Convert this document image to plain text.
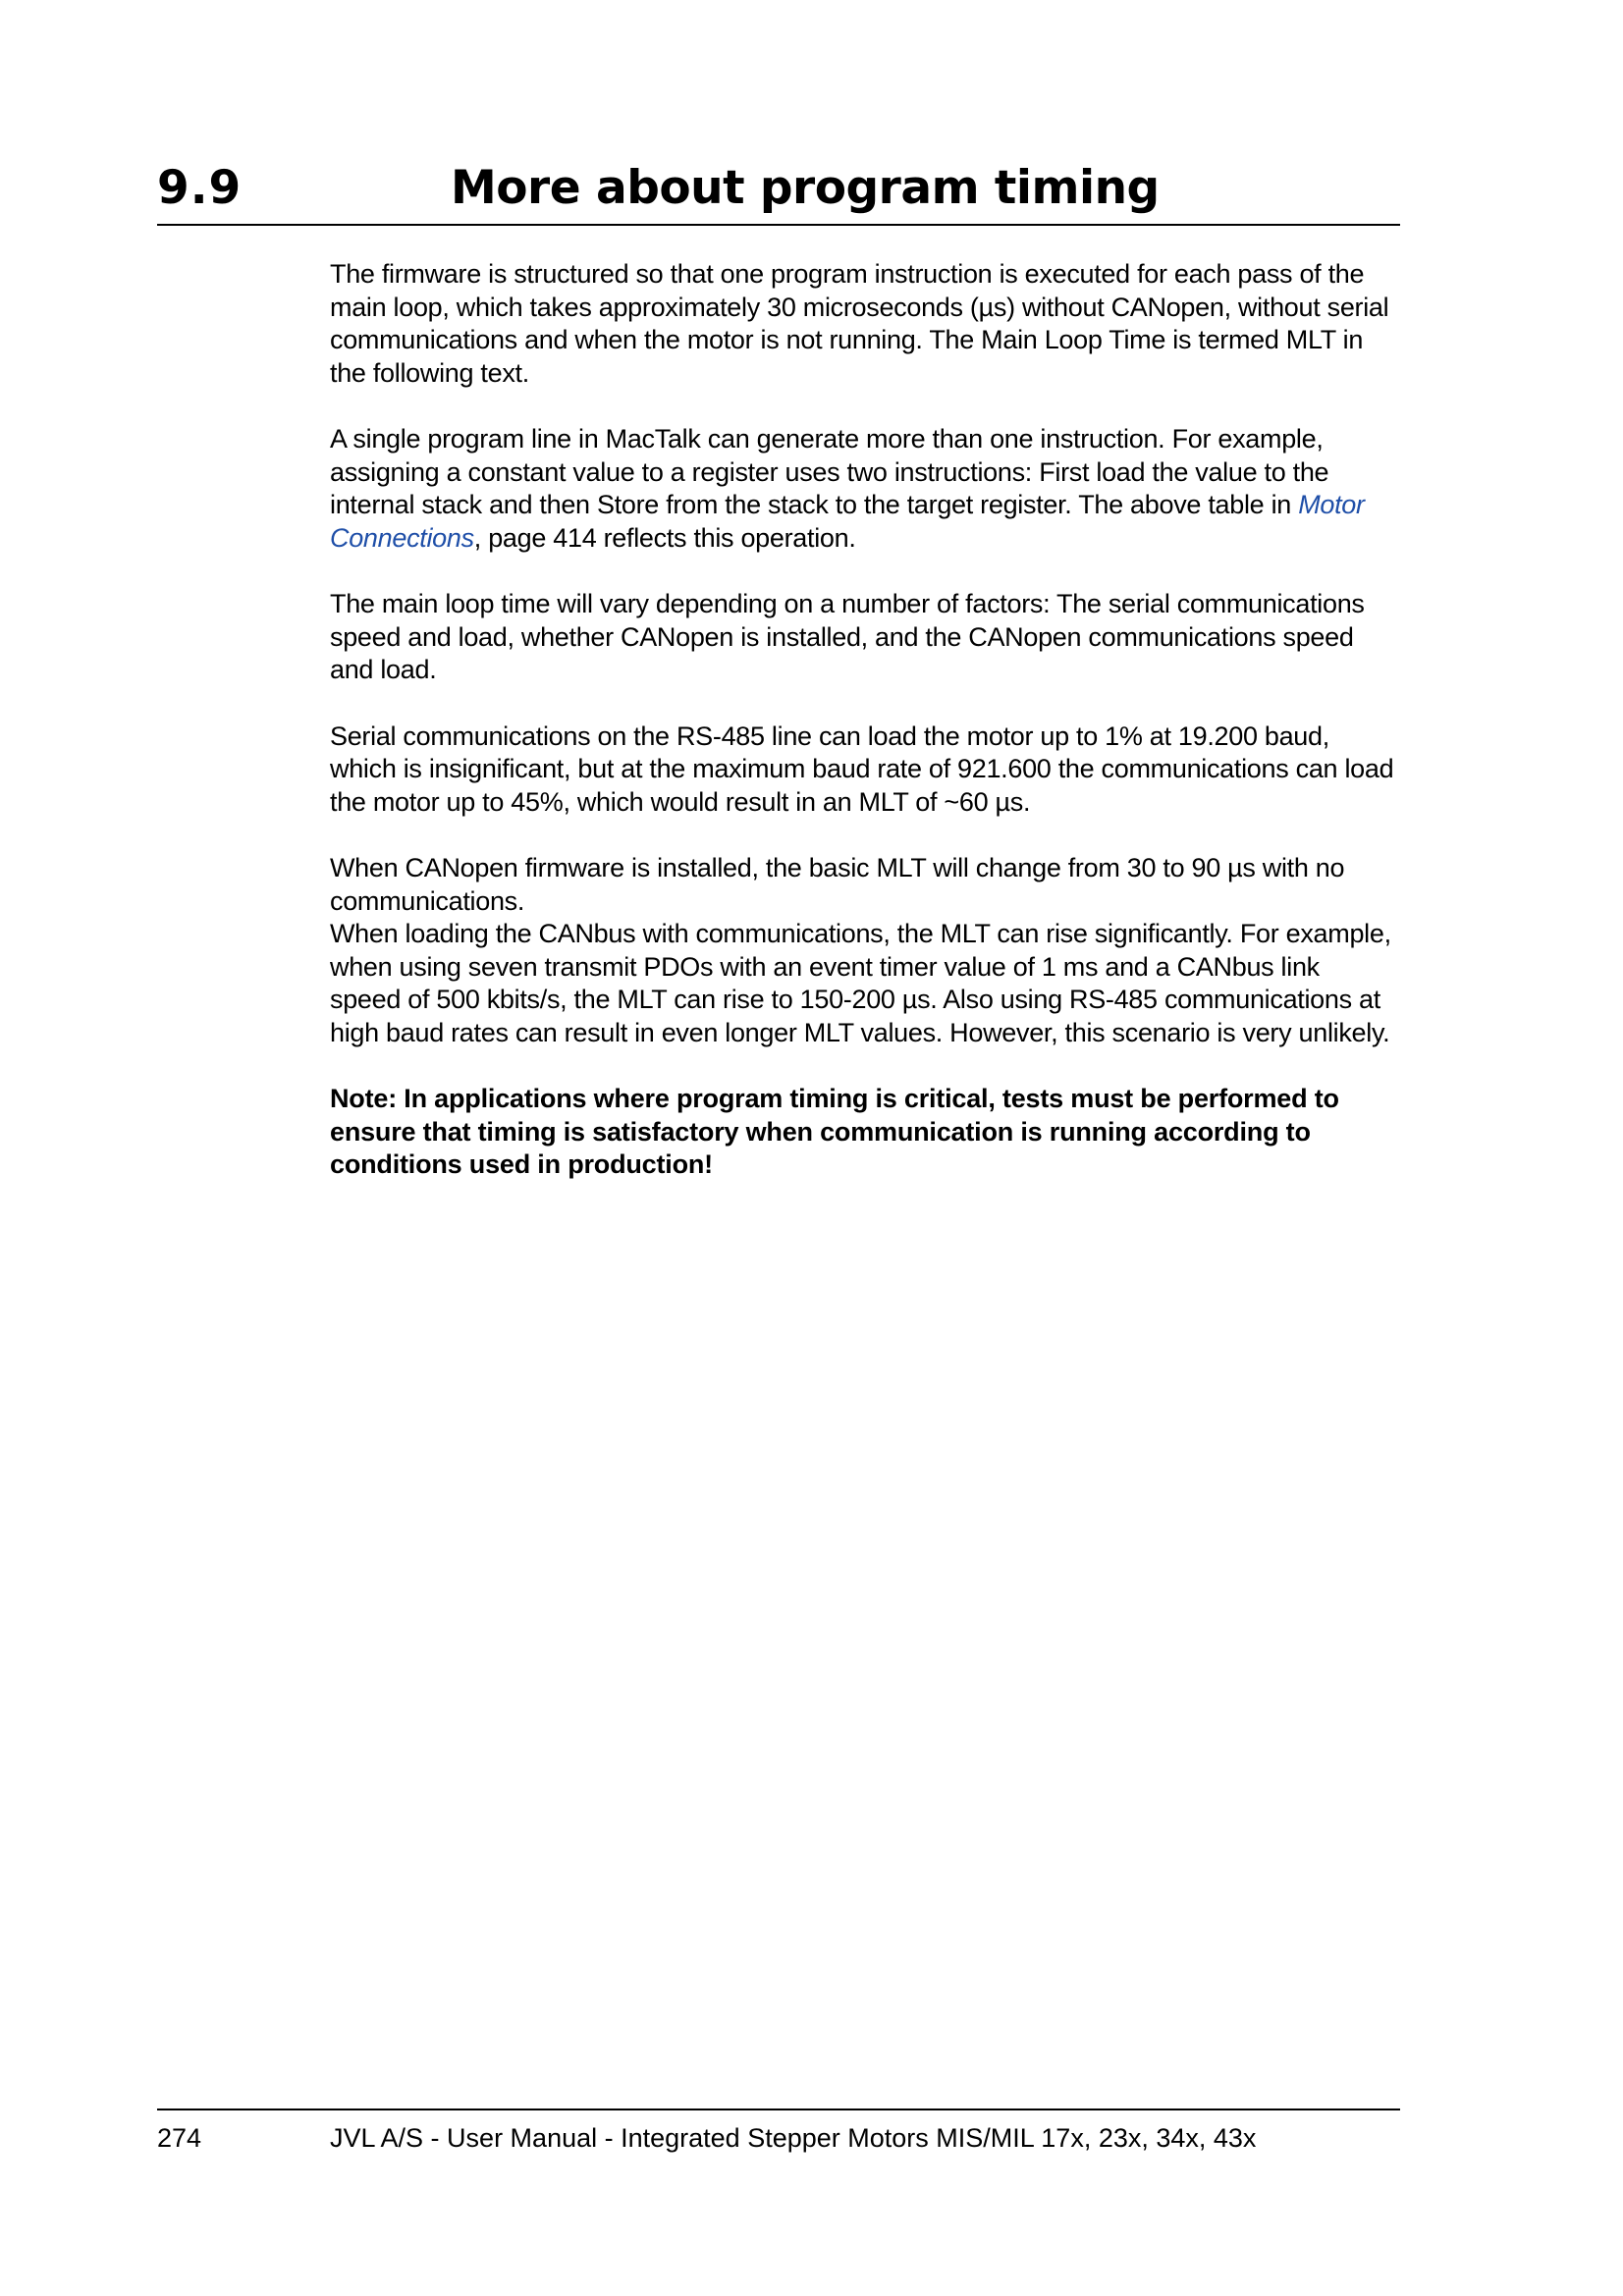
9.9	More about program timing

The firmware is structured so that one program instruction is executed for each pass of the main loop, which takes approximately 30 microseconds (µs) without CANopen, without serial communications and when the motor is not running. The Main Loop Time is termed MLT in the following text.

A single program line in MacTalk can generate more than one instruction. For example, assigning a constant value to a register uses two instructions: First load the value to the internal stack and then Store from the stack to the target register. The above table in Motor Connections, page 414 reflects this operation.

The main loop time will vary depending on a number of factors: The serial communications speed and load, whether CANopen is installed, and the CANopen communications speed and load.

Serial communications on the RS-485 line can load the motor up to 1% at 19.200 baud, which is insignificant, but at the maximum baud rate of 921.600 the communications can load the motor up to 45%, which would result in an MLT of ~60 µs.

When CANopen firmware is installed, the basic MLT will change from 30 to 90 µs with no communications.

When loading the CANbus with communications, the MLT can rise significantly. For example, when using seven transmit PDOs with an event timer value of 1 ms and a CANbus link speed of 500 kbits/s, the MLT can rise to 150-200 µs. Also using RS-485 communications at high baud rates can result in even longer MLT values. However, this scenario is very unlikely.

Note: In applications where program timing is critical, tests must be performed to ensure that timing is satisfactory when communication is running according to conditions used in production!

274	JVL A/S - User Manual - Integrated Stepper Motors MIS/MIL 17x, 23x, 34x, 43x
